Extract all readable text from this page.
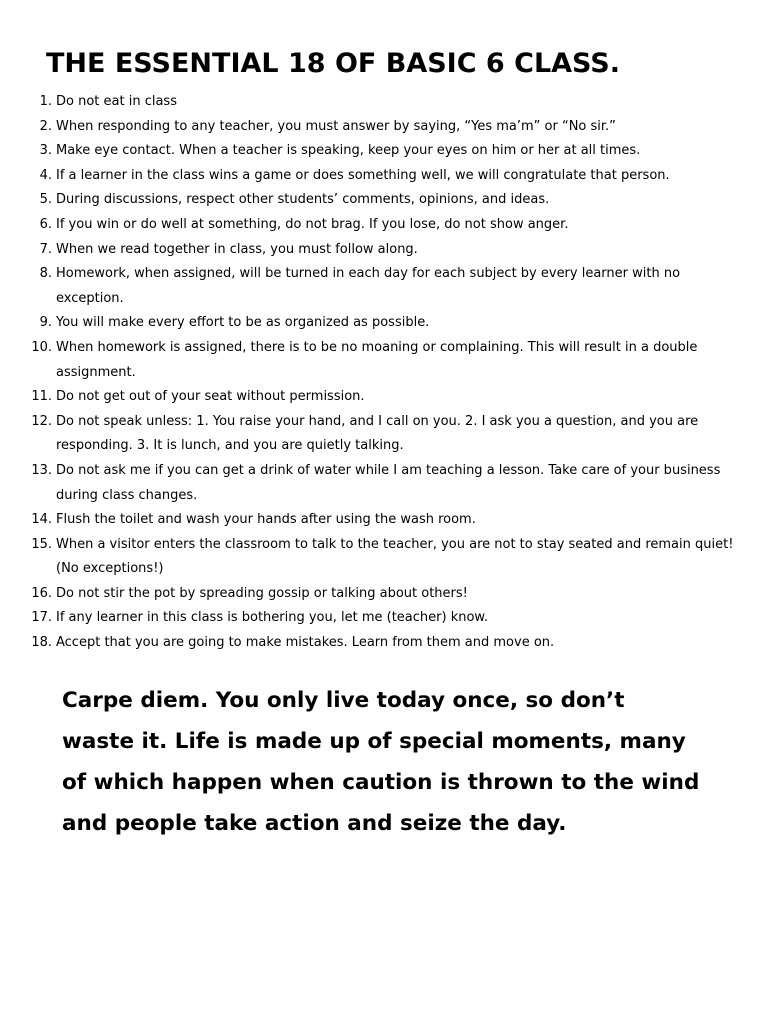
THE ESSENTIAL 18 OF BASIC 6 CLASS.
1 . Do not eat in class
2 . When responding to any teacher, you must answer by saying, “Yes ma’m” or “No sir.”
3 . Make eye contact. When a teacher is speaking, keep your eyes on him or her at all times.
4 . If a learner in the class wins a game or does something well, we will congratulate that person.
5 . During discussions, respect other students’ comments, opinions, and ideas.
6 . If you win or do well at something, do not brag. If you lose, do not show anger.
7 . When we read together in class, you must follow along.
8 . Homework, when assigned, will be turned in each day for each subject by every learner with no exception.
9 . You will make every effort to be as organized as possible.
10 . When homework is assigned, there is to be no moaning or complaining. This will result in a double assignment.
11 . Do not get out of your seat without permission.
12 . Do not speak unless: 1. You raise your hand, and I call on you. 2. I ask you a question, and you are responding. 3. It is lunch, and you are quietly talking.
13 . Do not ask me if you can get a drink of water while I am teaching a lesson. Take care of your business during class changes.
14 . Flush the toilet and wash your hands after using the wash room.
15 . When a visitor enters the classroom to talk to the teacher, you are not to stay seated and remain quiet! (No exceptions!)
16 . Do not stir the pot by spreading gossip or talking about others!
17 . If any learner in this class is bothering you, let me (teacher) know.
18 . Accept that you are going to make mistakes. Learn from them and move on.

Carpe diem. You only live today once, so don’t waste it. Life is made up of special moments, many of which happen when caution is thrown to the wind and people take action and seize the day.
